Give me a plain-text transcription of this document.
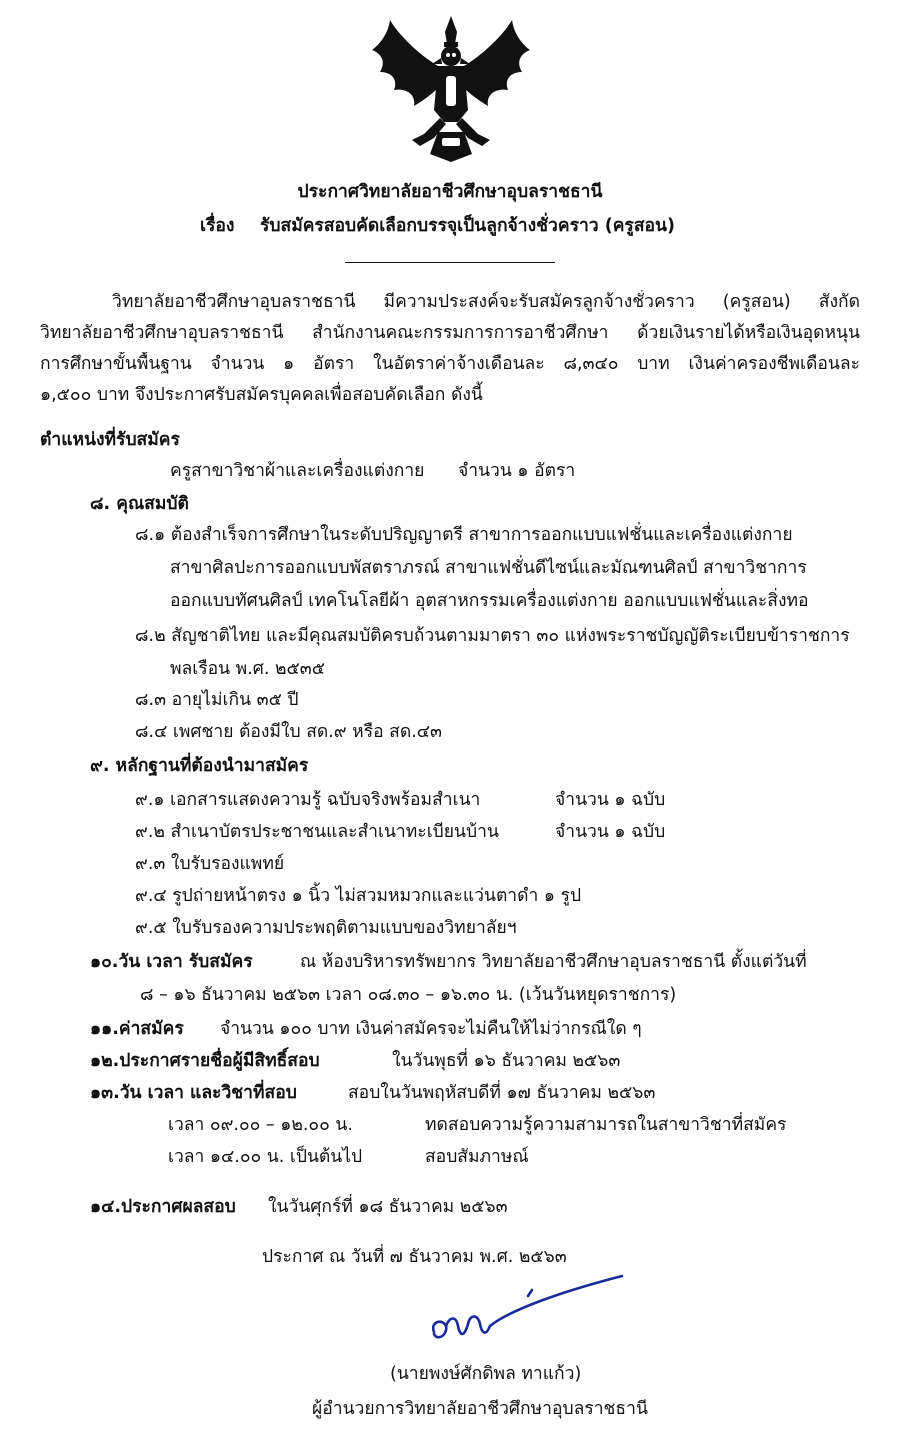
ประกาศวิทยาลัยอาชีวศึกษาอุบลราชธานี
เรื่อง รับสมัครสอบคัดเลือกบรรจุเป็นลูกจ้างชั่วคราว (ครูสอน)
วิทยาลัยอาชีวศึกษาอุบลราชธานี มีความประสงค์จะรับสมัครลูกจ้างชั่วคราว (ครูสอน) สังกัด
วิทยาลัยอาชีวศึกษาอุบลราชธานี สำนักงานคณะกรรมการการอาชีวศึกษา ด้วยเงินรายได้หรือเงินอุดหนุน
การศึกษาขั้นพื้นฐาน จำนวน ๑ อัตรา ในอัตราค่าจ้างเดือนละ ๘,๓๔๐ บาท เงินค่าครองชีพเดือนละ
๑,๕๐๐ บาท จึงประกาศรับสมัครบุคคลเพื่อสอบคัดเลือก ดังนี้
ตำแหน่งที่รับสมัคร
ครูสาขาวิชาผ้าและเครื่องแต่งกาย จำนวน ๑ อัตรา
๘. คุณสมบัติ
๘.๑ ต้องสำเร็จการศึกษาในระดับปริญญาตรี สาขาการออกแบบแฟชั่นและเครื่องแต่งกาย
สาขาศิลปะการออกแบบพัสตราภรณ์ สาขาแฟชั่นดีไซน์และมัณฑนศิลป์ สาขาวิชาการ
ออกแบบทัศนศิลป์ เทคโนโลยีผ้า อุตสาหกรรมเครื่องแต่งกาย ออกแบบแฟชั่นและสิ่งทอ
๘.๒ สัญชาติไทย และมีคุณสมบัติครบถ้วนตามมาตรา ๓๐ แห่งพระราชบัญญัติระเบียบข้าราชการ
พลเรือน พ.ศ. ๒๕๓๕
๘.๓ อายุไม่เกิน ๓๕ ปี
๘.๔ เพศชาย ต้องมีใบ สด.๙ หรือ สด.๔๓
๙. หลักฐานที่ต้องนำมาสมัคร
๙.๑ เอกสารแสดงความรู้ ฉบับจริงพร้อมสำเนา	จำนวน ๑ ฉบับ
๙.๒ สำเนาบัตรประชาชนและสำเนาทะเบียนบ้าน	จำนวน ๑ ฉบับ
๙.๓ ใบรับรองแพทย์
๙.๔ รูปถ่ายหน้าตรง ๑ นิ้ว ไม่สวมหมวกและแว่นตาดำ ๑ รูป
๙.๕ ใบรับรองความประพฤติตามแบบของวิทยาลัยฯ
๑๐.วัน เวลา รับสมัคร	ณ ห้องบริหารทรัพยากร วิทยาลัยอาชีวศึกษาอุบลราชธานี ตั้งแต่วันที่
๘ – ๑๖ ธันวาคม ๒๕๖๓ เวลา ๐๘.๓๐ – ๑๖.๓๐ น. (เว้นวันหยุดราชการ)
๑๑.ค่าสมัคร จำนวน ๑๐๐ บาท เงินค่าสมัครจะไม่คืนให้ไม่ว่ากรณีใด ๆ
๑๒.ประกาศรายชื่อผู้มีสิทธิ์สอบ	ในวันพุธที่ ๑๖ ธันวาคม ๒๕๖๓
๑๓.วัน เวลา และวิชาที่สอบ	สอบในวันพฤหัสบดีที่ ๑๗ ธันวาคม ๒๕๖๓
เวลา ๐๙.๐๐ – ๑๒.๐๐ น.	ทดสอบความรู้ความสามารถในสาขาวิชาที่สมัคร
เวลา ๑๔.๐๐ น. เป็นต้นไป	สอบสัมภาษณ์
๑๔.ประกาศผลสอบ ในวันศุกร์ที่ ๑๘ ธันวาคม ๒๕๖๓
ประกาศ ณ วันที่ ๗ ธันวาคม พ.ศ. ๒๕๖๓
(นายพงษ์ศักดิพล ทาแก้ว)
ผู้อำนวยการวิทยาลัยอาชีวศึกษาอุบลราชธานี
